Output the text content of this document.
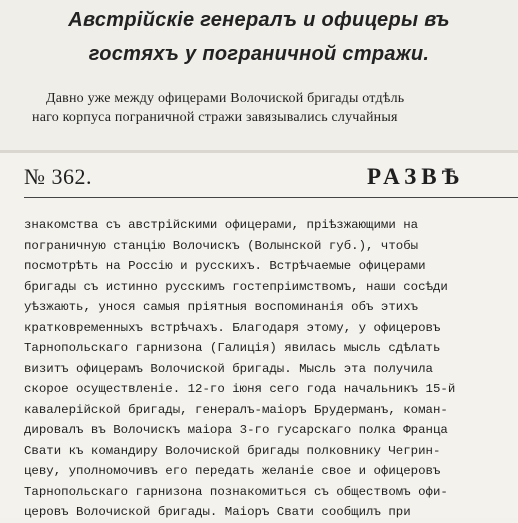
Австрійскіе генералъ и офицеры въ
гостяхъ у пограничной стражи.
Давно уже между офицерами Волочиской бригады отдѣль
наго корпуса пограничной стражи завязывались случайныя
№ 362.	РАЗВѢ
знакомства съ австрійскими офицерами, пріѣзжающими на
пограничную станцію Волочискъ (Волынской губ.), чтобы
посмотрѣть на Россію и русскихъ. Встрѣчаемые офицерами
бригады съ истинно русскимъ гостепріимствомъ, наши сосѣди
уѣзжають, унося самыя пріятныя воспоминанія объ этихъ
кратковременныхъ встрѣчахъ. Благодаря этому, у офицеровъ
Тарнопольскаго гарнизона (Галиція) явилась мысль сдѣлать
визитъ офицерамъ Волочиской бригады. Мысль эта получила
скорое осуществленіе. 12-го іюня сего года начальникъ 15-й
кавалерійской бригады, генералъ-маіоръ Брудерманъ, коман-
дировалъ въ Волочискъ маіора 3-го гусарскаго полка Франца
Свати къ командиру Волочиской бригады полковнику Чегрин-
цеву, уполномочивъ его передать желаніе свое и офицеровъ
Тарнопольскаго гарнизона познакомиться съ обществомъ офи-
церовъ Волочиской бригады. Маіоръ Свати сообщилъ при
